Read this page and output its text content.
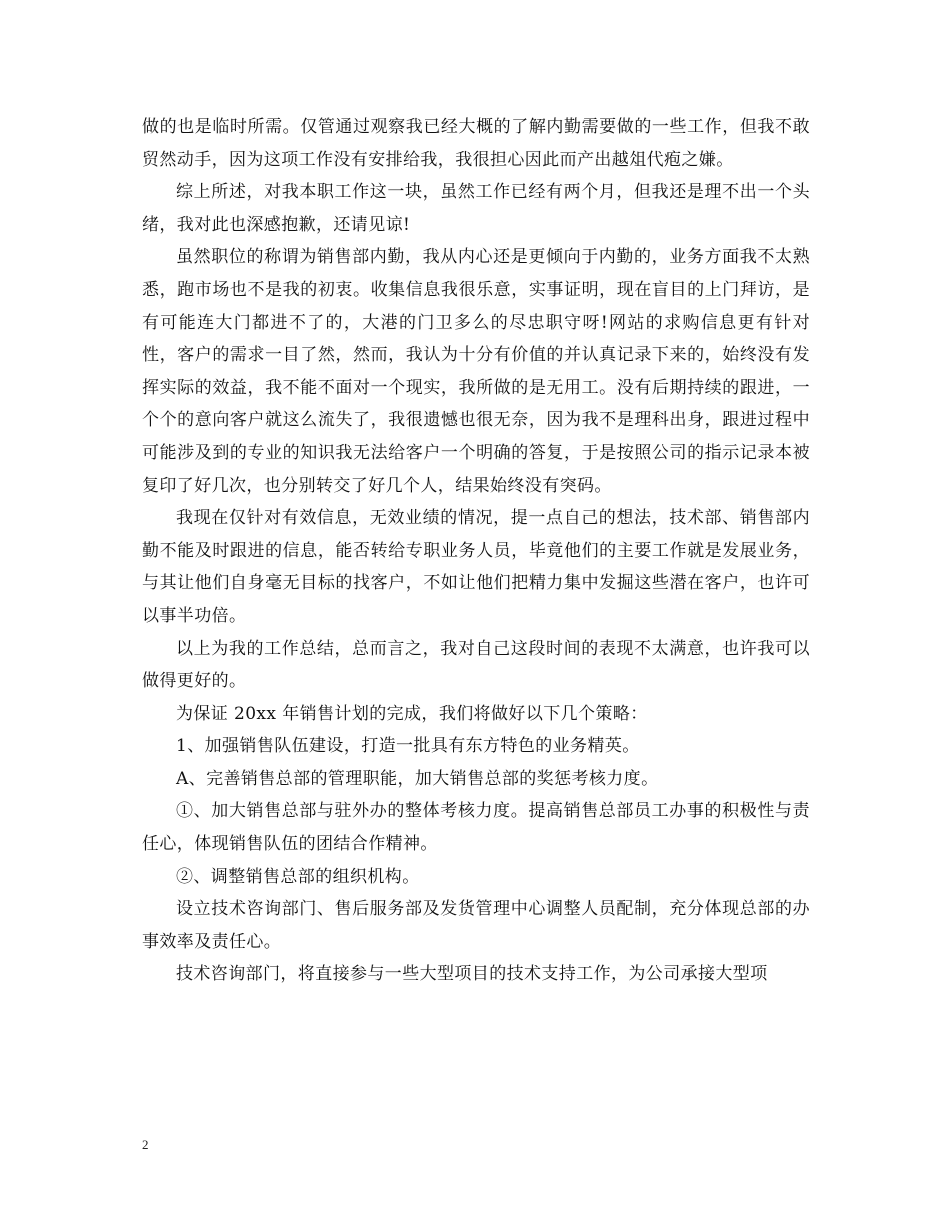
做的也是临时所需。仅管通过观察我已经大概的了解内勤需要做的一些工作，但我不敢贸然动手，因为这项工作没有安排给我，我很担心因此而产出越俎代疱之嫌。

综上所述，对我本职工作这一块，虽然工作已经有两个月，但我还是理不出一个头绪，我对此也深感抱歉，还请见谅!

虽然职位的称谓为销售部内勤，我从内心还是更倾向于内勤的，业务方面我不太熟悉，跑市场也不是我的初衷。收集信息我很乐意，实事证明，现在盲目的上门拜访，是有可能连大门都进不了的，大港的门卫多么的尽忠职守呀!网站的求购信息更有针对性，客户的需求一目了然，然而，我认为十分有价值的并认真记录下来的，始终没有发挥实际的效益，我不能不面对一个现实，我所做的是无用工。没有后期持续的跟进，一个个的意向客户就这么流失了，我很遗憾也很无奈，因为我不是理科出身，跟进过程中可能涉及到的专业的知识我无法给客户一个明确的答复，于是按照公司的指示记录本被复印了好几次，也分别转交了好几个人，结果始终没有突码。

我现在仅针对有效信息，无效业绩的情况，提一点自己的想法，技术部、销售部内勤不能及时跟进的信息，能否转给专职业务人员，毕竟他们的主要工作就是发展业务，与其让他们自身毫无目标的找客户，不如让他们把精力集中发掘这些潜在客户，也许可以事半功倍。

以上为我的工作总结，总而言之，我对自己这段时间的表现不太满意，也许我可以做得更好的。

为保证 20xx 年销售计划的完成，我们将做好以下几个策略：

1、加强销售队伍建设，打造一批具有东方特色的业务精英。

A、完善销售总部的管理职能，加大销售总部的奖惩考核力度。

①、加大销售总部与驻外办的整体考核力度。提高销售总部员工办事的积极性与责任心，体现销售队伍的团结合作精神。

②、调整销售总部的组织机构。

设立技术咨询部门、售后服务部及发货管理中心调整人员配制，充分体现总部的办事效率及责任心。

技术咨询部门，将直接参与一些大型项目的技术支持工作，为公司承接大型项

2
